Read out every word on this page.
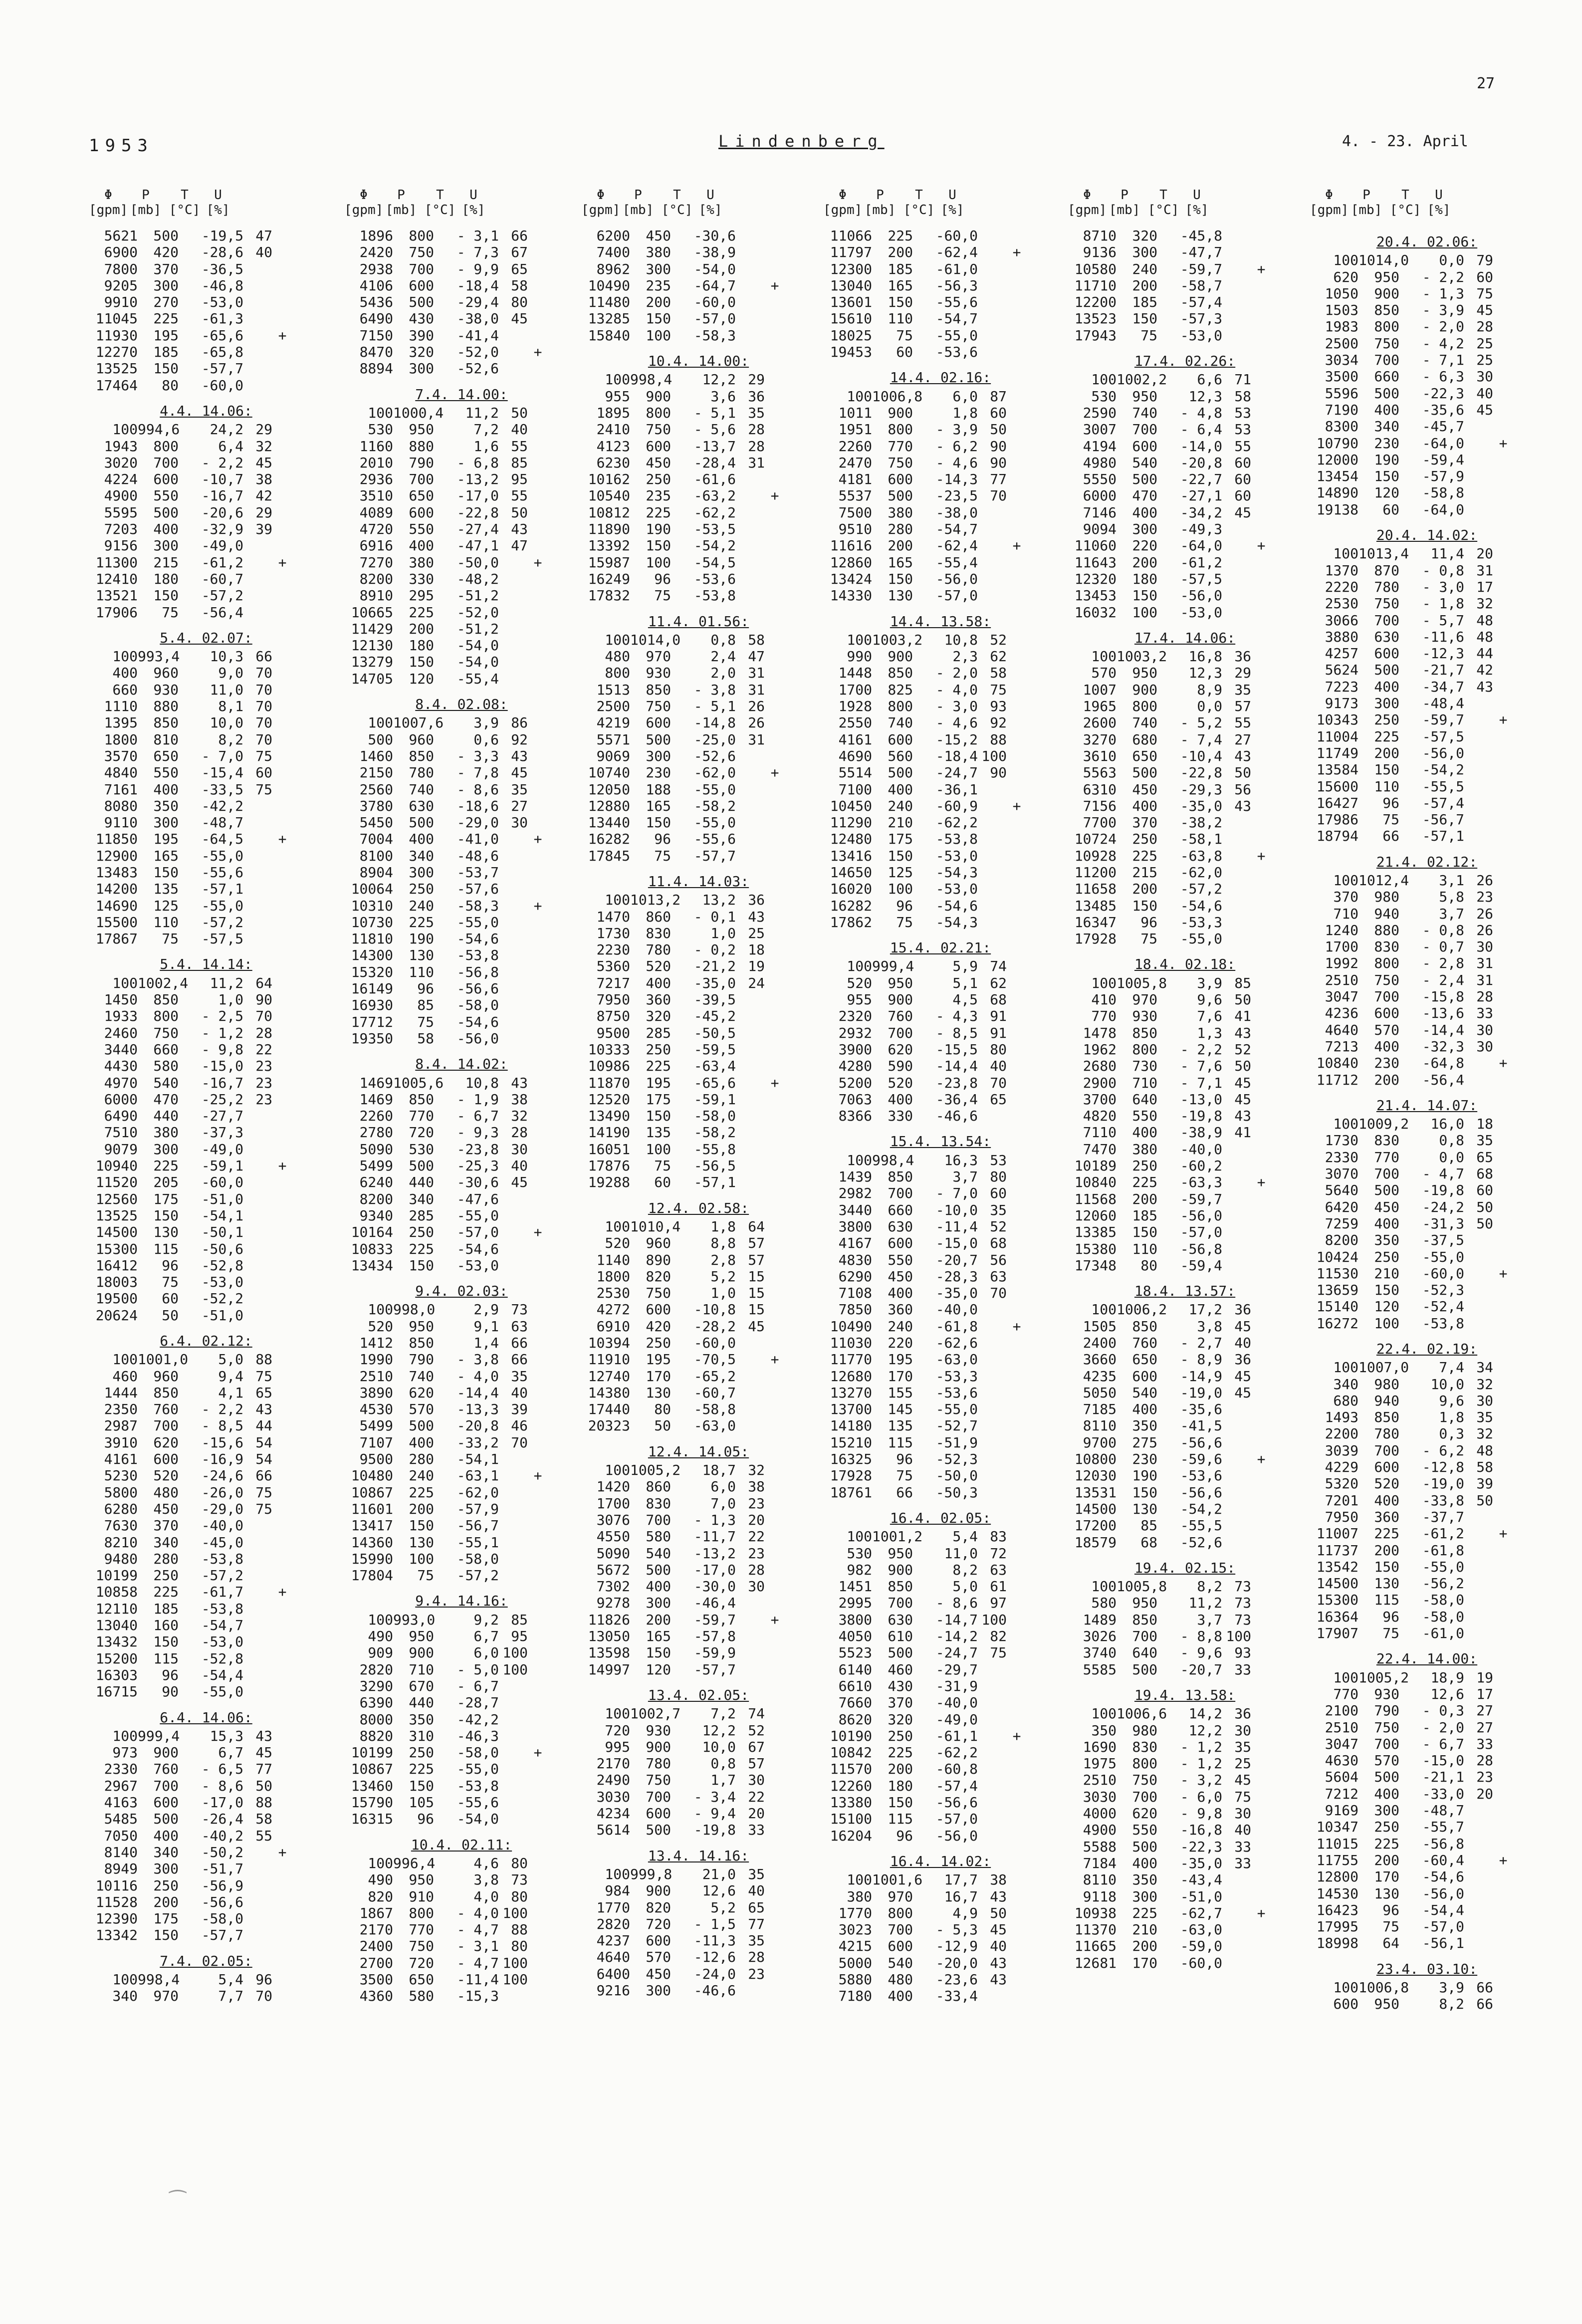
27
1953	Lindenberg	4. - 23. April
Φ	P	T	U
[gpm] [mb] [°C] [%]
5621	500	-19,5 47
6900	420	-28,6 40
7800	370	-36,5
9205	300	-46,8
9910	270	-53,0
11045	225	-61,3
11930	195	-65,6	+
12270	185	-65,8
13525	150	-57,7
17464	80	-60,0
4.4. 14.06:
100 994,6	24,2 29
1943	800	6,4 32
3020	700	- 2,2 45
4224	600	-10,7 38
4900	550	-16,7 42
5595	500	-20,6 29
7203	400	-32,9 39
9156	300	-49,0
11300	215	-61,2	+
12410	180	-60,7
13521	150	-57,2
17906	75	-56,4
5.4. 02.07:
100 993,4	10,3 66
400	960	9,0 70
660	930	11,0 70
1110	880	8,1 70
1395	850	10,0 70
1800	810	8,2 70
3570	650	- 7,0 75
4840	550	-15,4 60
7161	400	-33,5 75
8080	350	-42,2
9110	300	-48,7
11850	195	-64,5	+
12900	165	-55,0
13483	150	-55,6
14200	135	-57,1
14690	125	-55,0
15500	110	-57,2
17867	75	-57,5
5.4. 14.14:
100 1002,4	11,2 64
1450	850	1,0 90
1933	800	- 2,5 70
2460	750	- 1,2 28
3440	660	- 9,8 22
4430	580	-15,0 23
4970	540	-16,7 23
6000	470	-25,2 23
6490	440	-27,7
7510	380	-37,3
9079	300	-49,0
10940	225	-59,1	+
11520	205	-60,0
12560	175	-51,0
13525	150	-54,1
14500	130	-50,1
15300	115	-50,6
16412	96	-52,8
18003	75	-53,0
19500	60	-52,2
20624	50	-51,0
6.4. 02.12:
100 1001,0	5,0 88
460	960	9,4 75
1444	850	4,1 65
2350	760	- 2,2 43
2987	700	- 8,5 44
3910	620	-15,6 54
4161	600	-16,9 54
5230	520	-24,6 66
5800	480	-26,0 75
6280	450	-29,0 75
7630	370	-40,0
8210	340	-45,0
9480	280	-53,8
10199	250	-57,2
10858	225	-61,7	+
12110	185	-53,8
13040	160	-54,7
13432	150	-53,0
15200	115	-52,8
16303	96	-54,4
16715	90	-55,0
6.4. 14.06:
100 999,4	15,3 43
973	900	6,7 45
2330	760	- 6,5 77
2967	700	- 8,6 50
4163	600	-17,0 88
5485	500	-26,4 58
7050	400	-40,2 55
8140	340	-50,2	+
8949	300	-51,7
10116	250	-56,9
11528	200	-56,6
12390	175	-58,0
13342	150	-57,7
7.4. 02.05:
100 998,4	5,4 96
340	970	7,7 70
Φ	P	T	U
[gpm] [mb] [°C] [%]
1896	800	- 3,1 66
2420	750	- 7,3 67
2938	700	- 9,9 65
4106	600	-18,4 58
5436	500	-29,4 80
6490	430	-38,0 45
7150	390	-41,4
8470	320	-52,0	+
8894	300	-52,6
7.4. 14.00:
100 1000,4	11,2 50
530	950	7,2 40
1160	880	1,6 55
2010	790	- 6,8 85
2936	700	-13,2 95
3510	650	-17,0 55
4089	600	-22,8 50
4720	550	-27,4 43
6916	400	-47,1 47
7270	380	-50,0	+
8200	330	-48,2
8910	295	-51,2
10665	225	-52,0
11429	200	-51,2
12130	180	-54,0
13279	150	-54,0
14705	120	-55,4
8.4. 02.08:
100 1007,6	3,9 86
500	960	0,6 92
1460	850	- 3,3 43
2150	780	- 7,8 45
2560	740	- 8,6 35
3780	630	-18,6 27
5450	500	-29,0 30
7004	400	-41,0	+
8100	340	-48,6
8904	300	-53,7
10064	250	-57,6
10310	240	-58,3	+
10730	225	-55,0
11810	190	-54,6
14300	130	-53,8
15320	110	-56,8
16149	96	-56,6
16930	85	-58,0
17712	75	-54,6
19350	58	-56,0
8.4. 14.02:
1469 1005,6	10,8 43
1469	850	- 1,9 38
2260	770	- 6,7 32
2780	720	- 9,3 28
5090	530	-23,8 30
5499	500	-25,3 40
6240	440	-30,6 45
8200	340	-47,6
9340	285	-55,0
10164	250	-57,0	+
10833	225	-54,6
13434	150	-53,0
9.4. 02.03:
100 998,0	2,9 73
520	950	9,1 63
1412	850	1,4 66
1990	790	- 3,8 66
2510	740	- 4,0 35
3890	620	-14,4 40
4530	570	-13,3 39
5499	500	-20,8 46
7107	400	-33,2 70
9500	280	-54,1
10480	240	-63,1	+
10867	225	-62,0
11601	200	-57,9
13417	150	-56,7
14360	130	-55,1
15990	100	-58,0
17804	75	-57,2
9.4. 14.16:
100 993,0	9,2 85
490	950	6,7 95
909	900	6,0 100
2820	710	- 5,0 100
3290	670	- 6,7
6390	440	-28,7
8000	350	-42,2
8820	310	-46,3
10199	250	-58,0	+
10867	225	-55,0
13460	150	-53,8
15790	105	-55,6
16315	96	-54,0
10.4. 02.11:
100 996,4	4,6 80
490	950	3,8 73
820	910	4,0 80
1867	800	- 4,0 100
2170	770	- 4,7 88
2400	750	- 3,1 80
2700	720	- 4,7 100
3500	650	-11,4 100
4360	580	-15,3
Φ	P	T	U
[gpm] [mb] [°C] [%]
6200	450	-30,6
7400	380	-38,9
8962	300	-54,0
10490	235	-64,7	+
11480	200	-60,0
13285	150	-57,0
15840	100	-58,3
10.4. 14.00:
100 998,4	12,2 29
955	900	3,6 36
1895	800	- 5,1 35
2410	750	- 5,6 28
4123	600	-13,7 28
6230	450	-28,4 31
10162	250	-61,6
10540	235	-63,2	+
10812	225	-62,2
11890	190	-53,5
13392	150	-54,2
15987	100	-54,5
16249	96	-53,6
17832	75	-53,8
11.4. 01.56:
100 1014,0	0,8 58
480	970	2,4 47
800	930	2,0 31
1513	850	- 3,8 31
2500	750	- 5,1 26
4219	600	-14,8 26
5571	500	-25,0 31
9069	300	-52,6
10740	230	-62,0	+
12050	188	-55,0
12880	165	-58,2
13440	150	-55,0
16282	96	-55,6
17845	75	-57,7
11.4. 14.03:
100 1013,2	13,2 36
1470	860	- 0,1 43
1730	830	1,0 25
2230	780	- 0,2 18
5360	520	-21,2 19
7217	400	-35,0 24
7950	360	-39,5
8750	320	-45,2
9500	285	-50,5
10333	250	-59,5
10986	225	-63,4
11870	195	-65,6	+
12520	175	-59,1
13490	150	-58,0
14190	135	-58,2
16051	100	-55,8
17876	75	-56,5
19288	60	-57,1
12.4. 02.58:
100 1010,4	1,8 64
520	960	8,8 57
1140	890	2,8 57
1800	820	5,2 15
2530	750	1,0 15
4272	600	-10,8 15
6910	420	-28,2 45
10394	250	-60,0
11910	195	-70,5	+
12740	170	-65,2
14380	130	-60,7
17440	80	-58,8
20323	50	-63,0
12.4. 14.05:
100 1005,2	18,7 32
1420	860	6,0 38
1700	830	7,0 23
3076	700	- 1,3 20
4550	580	-11,7 22
5090	540	-13,2 23
5672	500	-17,0 28
7302	400	-30,0 30
9278	300	-46,4
11826	200	-59,7	+
13050	165	-57,8
13598	150	-59,9
14997	120	-57,7
13.4. 02.05:
100 1002,7	7,2 74
720	930	12,2 52
995	900	10,0 67
2170	780	0,8 57
2490	750	1,7 30
3030	700	- 3,4 22
4234	600	- 9,4 20
5614	500	-19,8 33
13.4. 14.16:
100 999,8	21,0 35
984	900	12,6 40
1770	820	5,2 65
2820	720	- 1,5 77
4237	600	-11,3 35
4640	570	-12,6 28
6400	450	-24,0 23
9216	300	-46,6
Φ	P	T	U
[gpm] [mb] [°C] [%]
11066	225	-60,0
11797	200	-62,4	+
12300	185	-61,0
13040	165	-56,3
13601	150	-55,6
15610	110	-54,7
18025	75	-55,0
19453	60	-53,6
14.4. 02.16:
100 1006,8	6,0 87
1011	900	1,8 60
1951	800	- 3,9 50
2260	770	- 6,2 90
2470	750	- 4,6 90
4181	600	-14,3 77
5537	500	-23,5 70
7500	380	-38,0
9510	280	-54,7
11616	200	-62,4	+
12860	165	-55,4
13424	150	-56,0
14330	130	-57,0
14.4. 13.58:
100 1003,2	10,8 52
990	900	2,3 62
1448	850	- 2,0 58
1700	825	- 4,0 75
1928	800	- 3,0 93
2550	740	- 4,6 92
4161	600	-15,2 88
4690	560	-18,4 100
5514	500	-24,7 90
7100	400	-36,1
10450	240	-60,9	+
11290	210	-62,2
12480	175	-53,8
13416	150	-53,0
14650	125	-54,3
16020	100	-53,0
16282	96	-54,6
17862	75	-54,3
15.4. 02.21:
100 999,4	5,9 74
520	950	5,1 62
955	900	4,5 68
2320	760	- 4,3 91
2932	700	- 8,5 91
3900	620	-15,5 80
4280	590	-14,4 40
5200	520	-23,8 70
7063	400	-36,4 65
8366	330	-46,6
15.4. 13.54:
100 998,4	16,3 53
1439	850	3,7 80
2982	700	- 7,0 60
3440	660	-10,0 35
3800	630	-11,4 52
4167	600	-15,0 68
4830	550	-20,7 56
6290	450	-28,3 63
7108	400	-35,0 70
7850	360	-40,0
10490	240	-61,8	+
11030	220	-62,6
11770	195	-63,0
12680	170	-53,3
13270	155	-53,6
13700	145	-55,0
14180	135	-52,7
15210	115	-51,9
16325	96	-52,3
17928	75	-50,0
18761	66	-50,3
16.4. 02.05:
100 1001,2	5,4 83
530	950	11,0 72
982	900	8,2 63
1451	850	5,0 61
2995	700	- 8,6 97
3800	630	-14,7 100
4050	610	-14,2 82
5523	500	-24,7 75
6140	460	-29,7
6610	430	-31,9
7660	370	-40,0
8620	320	-49,0
10190	250	-61,1	+
10842	225	-62,2
11570	200	-60,8
12260	180	-57,4
13380	150	-56,6
15100	115	-57,0
16204	96	-56,0
16.4. 14.02:
100 1001,6	17,7 38
380	970	16,7 43
1770	800	4,9 50
3023	700	- 5,3 45
4215	600	-12,9 40
5000	540	-20,0 43
5880	480	-23,6 43
7180	400	-33,4
Φ	P	T	U
[gpm] [mb] [°C] [%]
8710	320	-45,8
9136	300	-47,7
10580	240	-59,7	+
11710	200	-58,7
12200	185	-57,4
13523	150	-57,3
17943	75	-53,0
17.4. 02.26:
100 1002,2	6,6 71
530	950	12,3 58
2590	740	- 4,8 53
3007	700	- 6,4 53
4194	600	-14,0 55
4980	540	-20,8 60
5550	500	-22,7 60
6000	470	-27,1 60
7146	400	-34,2 45
9094	300	-49,3
11060	220	-64,0	+
11643	200	-61,2
12320	180	-57,5
13453	150	-56,0
16032	100	-53,0
17.4. 14.06:
100 1003,2	16,8 36
570	950	12,3 29
1007	900	8,9 35
1965	800	0,0 57
2600	740	- 5,2 55
3270	680	- 7,4 27
3610	650	-10,4 43
5563	500	-22,8 50
6310	450	-29,3 56
7156	400	-35,0 43
7700	370	-38,2
10724	250	-58,1
10928	225	-63,8	+
11200	215	-62,0
11658	200	-57,2
13485	150	-54,6
16347	96	-53,3
17928	75	-55,0
18.4. 02.18:
100 1005,8	3,9 85
410	970	9,6 50
770	930	7,6 41
1478	850	1,3 43
1962	800	- 2,2 52
2680	730	- 7,6 50
2900	710	- 7,1 45
3700	640	-13,0 45
4820	550	-19,8 43
7110	400	-38,9 41
7470	380	-40,0
10189	250	-60,2
10840	225	-63,3	+
11568	200	-59,7
12060	185	-56,0
13385	150	-57,0
15380	110	-56,8
17348	80	-59,4
18.4. 13.57:
100 1006,2	17,2 36
1505	850	3,8 45
2400	760	- 2,7 40
3660	650	- 8,9 36
4235	600	-14,9 45
5050	540	-19,0 45
7185	400	-35,6
8110	350	-41,5
9700	275	-56,6
10800	230	-59,6	+
12030	190	-53,6
13531	150	-56,6
14500	130	-54,2
17200	85	-55,5
18579	68	-52,6
19.4. 02.15:
100 1005,8	8,2 73
580	950	11,2 73
1489	850	3,7 73
3026	700	- 8,8 100
3740	640	- 9,6 93
5585	500	-20,7 33
19.4. 13.58:
100 1006,6	14,2 36
350	980	12,2 30
1690	830	- 1,2 35
1975	800	- 1,2 25
2510	750	- 3,2 45
3030	700	- 6,0 75
4000	620	- 9,8 30
4900	550	-16,8 40
5588	500	-22,3 33
7184	400	-35,0 33
8110	350	-43,4
9118	300	-51,0
10938	225	-62,7	+
11370	210	-63,0
11665	200	-59,0
12681	170	-60,0
Φ	P	T	U
[gpm] [mb] [°C] [%]
20.4. 02.06:
100 1014,0	0,0 79
620	950	- 2,2 60
1050	900	- 1,3 75
1503	850	- 3,9 45
1983	800	- 2,0 28
2500	750	- 4,2 25
3034	700	- 7,1 25
3500	660	- 6,3 30
5596	500	-22,3 40
7190	400	-35,6 45
8300	340	-45,7
10790	230	-64,0	+
12000	190	-59,4
13454	150	-57,9
14890	120	-58,8
19138	60	-64,0
20.4. 14.02:
100 1013,4	11,4 20
1370	870	- 0,8 31
2220	780	- 3,0 17
2530	750	- 1,8 32
3066	700	- 5,7 48
3880	630	-11,6 48
4257	600	-12,3 44
5624	500	-21,7 42
7223	400	-34,7 43
9173	300	-48,4
10343	250	-59,7	+
11004	225	-57,5
11749	200	-56,0
13584	150	-54,2
15600	110	-55,5
16427	96	-57,4
17986	75	-56,7
18794	66	-57,1
21.4. 02.12:
100 1012,4	3,1 26
370	980	5,8 23
710	940	3,7 26
1240	880	- 0,8 26
1700	830	- 0,7 30
1992	800	- 2,8 31
2510	750	- 2,4 31
3047	700	-15,8 28
4236	600	-13,6 33
4640	570	-14,4 30
7213	400	-32,3 30
10840	230	-64,8	+
11712	200	-56,4
21.4. 14.07:
100 1009,2	16,0 18
1730	830	0,8 35
2330	770	0,0 65
3070	700	- 4,7 68
5640	500	-19,8 60
6420	450	-24,2 50
7259	400	-31,3 50
8200	350	-37,5
10424	250	-55,0
11530	210	-60,0	+
13659	150	-52,3
15140	120	-52,4
16272	100	-53,8
22.4. 02.19:
100 1007,0	7,4 34
340	980	10,0 32
680	940	9,6 30
1493	850	1,8 35
2200	780	0,3 32
3039	700	- 6,2 48
4229	600	-12,8 58
5320	520	-19,0 39
7201	400	-33,8 50
7950	360	-37,7
11007	225	-61,2	+
11737	200	-61,8
13542	150	-55,0
14500	130	-56,2
15300	115	-58,0
16364	96	-58,0
17907	75	-61,0
22.4. 14.00:
100 1005,2	18,9 19
770	930	12,6 17
2100	790	- 0,3 27
2510	750	- 2,0 27
3047	700	- 6,7 33
4630	570	-15,0 28
5604	500	-21,1 23
7212	400	-33,0 20
9169	300	-48,7
10347	250	-55,7
11015	225	-56,8
11755	200	-60,4	+
12800	170	-54,6
14530	130	-56,0
16423	96	-54,4
17995	75	-57,0
18998	64	-56,1
23.4. 03.10:
100 1006,8	3,9 66
600	950	8,2 66
⁀
